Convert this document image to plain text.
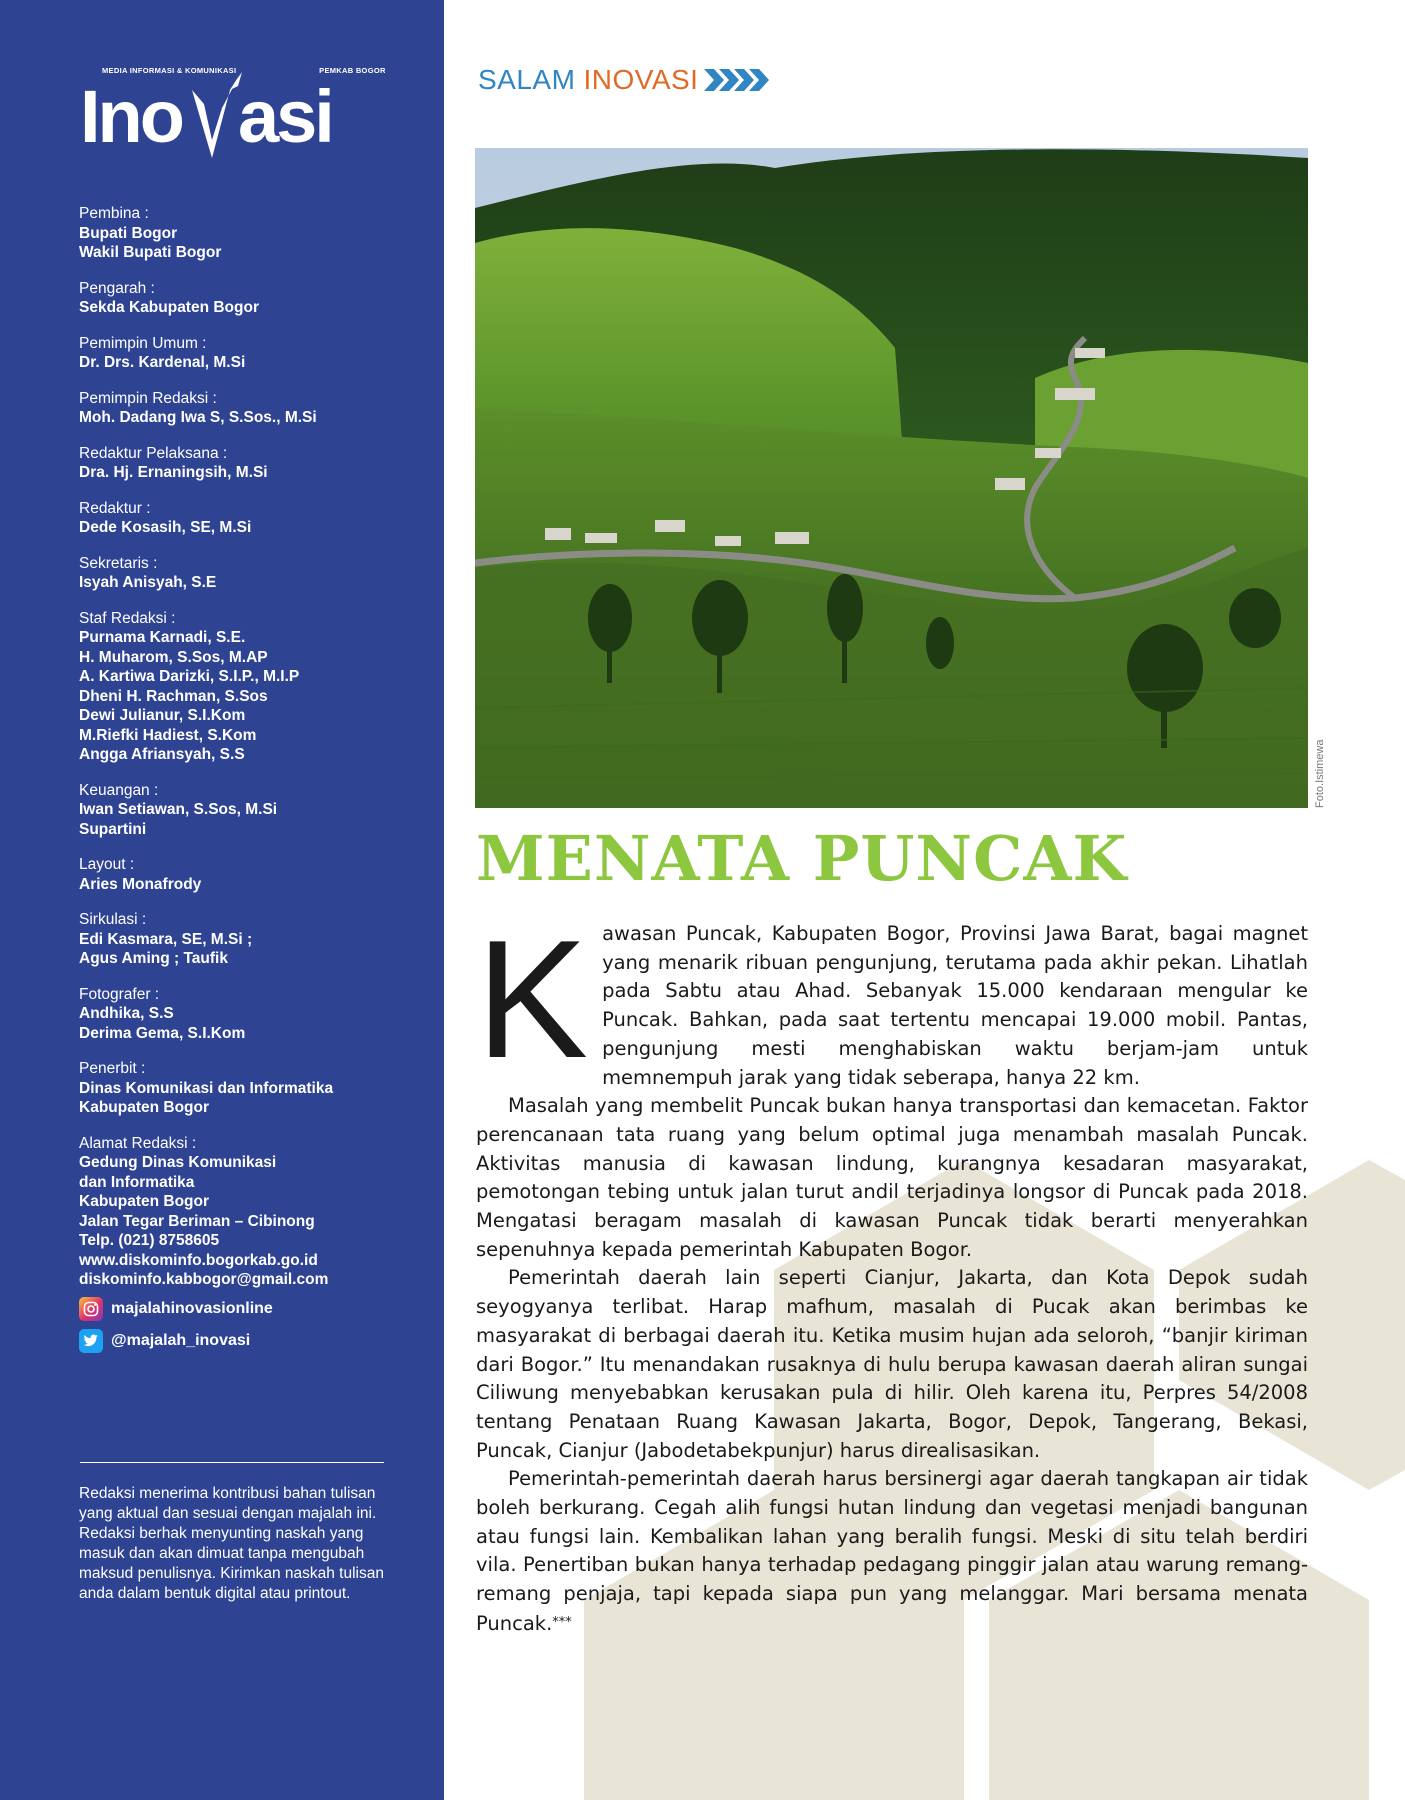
MEDIA INFORMASI & KOMUNIKASI	PEMKAB BOGOR
Ino asi
Pembina :
Bupati Bogor
Wakil Bupati Bogor
Pengarah :
Sekda Kabupaten Bogor
Pemimpin Umum :
Dr. Drs. Kardenal, M.Si
Pemimpin Redaksi :
Moh. Dadang Iwa S, S.Sos., M.Si
Redaktur Pelaksana :
Dra. Hj. Ernaningsih, M.Si
Redaktur :
Dede Kosasih, SE, M.Si
Sekretaris :
Isyah Anisyah, S.E
Staf Redaksi :
Purnama Karnadi, S.E.
H. Muharom, S.Sos, M.AP
A. Kartiwa Darizki, S.I.P., M.I.P
Dheni H. Rachman, S.Sos
Dewi Julianur, S.I.Kom
M.Riefki Hadiest, S.Kom
Angga Afriansyah, S.S
Keuangan :
Iwan Setiawan, S.Sos, M.Si
Supartini
Layout :
Aries Monafrody
Sirkulasi :
Edi Kasmara, SE, M.Si ;
Agus Aming ; Taufik
Fotografer :
Andhika, S.S
Derima Gema, S.I.Kom
Penerbit :
Dinas Komunikasi dan Informatika
Kabupaten Bogor
Alamat Redaksi :
Gedung Dinas Komunikasi
dan Informatika
Kabupaten Bogor
Jalan Tegar Beriman – Cibinong
Telp. (021) 8758605
www.diskominfo.bogorkab.go.id
diskominfo.kabbogor@gmail.com
majalahinovasionline
@majalah_inovasi
Redaksi menerima kontribusi bahan tulisan yang aktual dan sesuai dengan majalah ini. Redaksi berhak menyunting naskah yang masuk dan akan dimuat tanpa mengubah maksud penulisnya. Kirimkan naskah tulisan anda dalam bentuk digital atau printout.
SALAM INOVASI
Foto.Istimewa
MENATA PUNCAK

Kawasan Puncak, Kabupaten Bogor, Provinsi Jawa Barat, bagai magnet yang menarik ribuan pengunjung, terutama pada akhir pekan. Lihatlah pada Sabtu atau Ahad. Sebanyak 15.000 kendaraan mengular ke Puncak. Bahkan, pada saat tertentu mencapai 19.000 mobil. Pantas, pengunjung mesti menghabiskan waktu berjam-jam untuk memnempuh jarak yang tidak seberapa, hanya 22 km.

Masalah yang membelit Puncak bukan hanya transportasi dan kemacetan. Faktor perencanaan tata ruang yang belum optimal juga menambah masalah Puncak. Aktivitas manusia di kawasan lindung, kurangnya kesadaran masyarakat, pemotongan tebing untuk jalan turut andil terjadinya longsor di Puncak pada 2018. Mengatasi beragam masalah di kawasan Puncak tidak berarti menyerahkan sepenuhnya kepada pemerintah Kabupaten Bogor.

Pemerintah daerah lain seperti Cianjur, Jakarta, dan Kota Depok sudah seyogyanya terlibat. Harap mafhum, masalah di Pucak akan berimbas ke masyarakat di berbagai daerah itu. Ketika musim hujan ada seloroh, “banjir kiriman dari Bogor.” Itu menandakan rusaknya di hulu berupa kawasan daerah aliran sungai Ciliwung menyebabkan kerusakan pula di hilir. Oleh karena itu, Perpres 54/2008 tentang Penataan Ruang Kawasan Jakarta, Bogor, Depok, Tangerang, Bekasi, Puncak, Cianjur (Jabodetabekpunjur) harus direalisasikan.

Pemerintah-pemerintah daerah harus bersinergi agar daerah tangkapan air tidak boleh berkurang. Cegah alih fungsi hutan lindung dan vegetasi menjadi bangunan atau fungsi lain. Kembalikan lahan yang beralih fungsi. Meski di situ telah berdiri vila. Penertiban bukan hanya terhadap pedagang pinggir jalan atau warung remang-remang penjaja, tapi kepada siapa pun yang melanggar. Mari bersama menata Puncak.***
